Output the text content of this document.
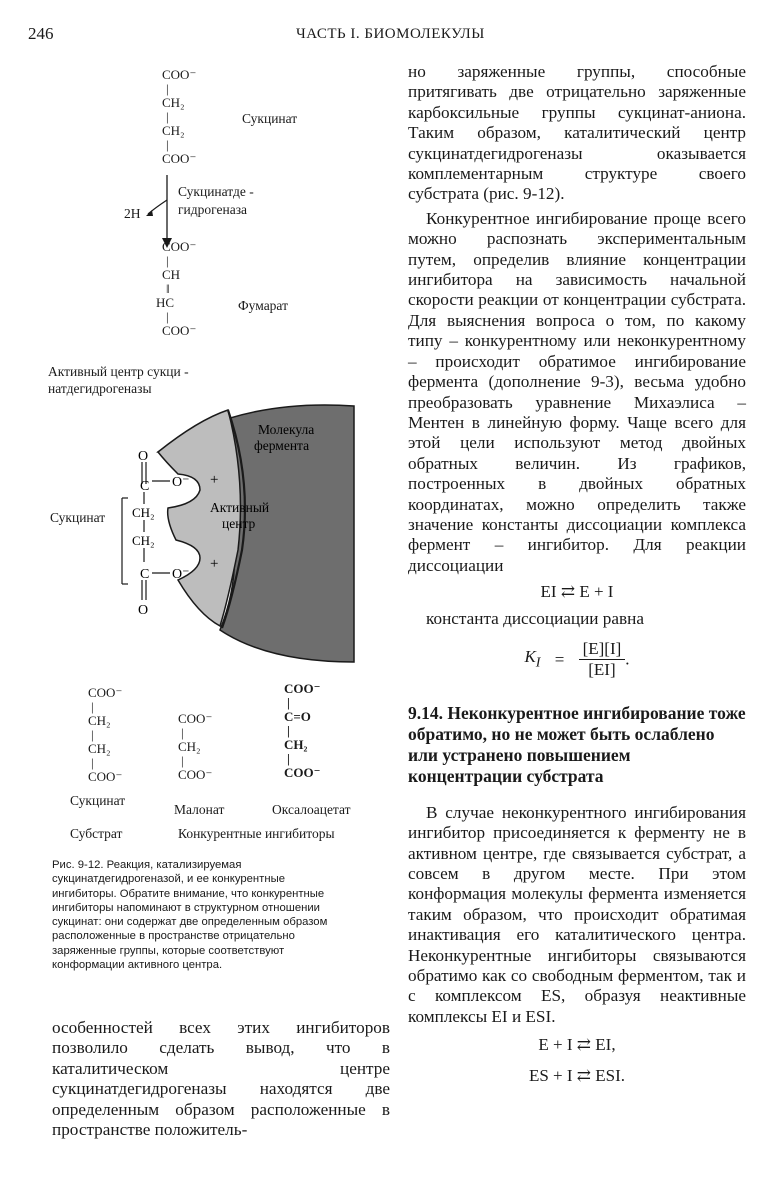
246	ЧАСТЬ I. БИОМОЛЕКУЛЫ
COO⁻
|
CH₂
|
CH₂
|
COO⁻
Сукцинат
Сукцинатде -
гидрогеназа
2H
COO⁻
|
CH
‖
HC
|
COO⁻
Фумарат
Активный центр сукци -
натдегидрогеназы
O
C O⁻
CH₂
CH₂
C O⁻
O
+
+
Активный
центр
Молекула
фермента
Сукцинат
COO⁻
|
CH₂
|
CH₂
|
COO⁻
Сукцинат
COO⁻
|
CH₂
|
COO⁻
Малонат
COO⁻
|
C=O
|
CH₂
|
COO⁻
Оксалоацетат
Субстрат	Конкурентные ингибиторы
Рис. 9-12. Реакция, катализируемая сукцинатдегидрогеназой, и ее конкурентные ингибиторы. Обратите внимание, что конкурентные ингибиторы напоминают в структурном отношении сукцинат: они содержат две определенным образом расположенные в пространстве отрицательно заряженные группы, которые соответствуют конформации активного центра.

особенностей всех этих ингибиторов позволило сделать вывод, что в каталитическом центре сукцинатдегидрогеназы находятся две определенным образом расположенные в пространстве положитель-

но заряженные группы, способные притягивать две отрицательно заряженные карбоксильные группы сукцинат-аниона. Таким образом, каталитический центр сукцинатдегидрогеназы оказывается комплементарным структуре своего субстрата (рис. 9-12).

Конкурентное ингибирование проще всего можно распознать экспериментальным путем, определив влияние концентрации ингибитора на зависимость начальной скорости реакции от концентрации субстрата. Для выяснения вопроса о том, по какому типу – конкурентному или неконкурентному – происходит обратимое ингибирование фермента (дополнение 9-3), весьма удобно преобразовать уравнение Михаэлиса – Ментен в линейную форму. Чаще всего для этой цели используют метод двойных обратных величин. Из графиков, построенных в двойных обратных координатах, можно определить также значение константы диссоциации комплекса фермент – ингибитор. Для реакции диссоциации

EI ⇄ E + I

константа диссоциации равна

$K_I = \frac{[E][I]}{[EI]}$ .
9.14. Неконкурентное ингибирование тоже обратимо, но не может быть ослаблено или устранено повышением концентрации субстрата

В случае неконкурентного ингибирования ингибитор присоединяется к ферменту не в активном центре, где связывается субстрат, а совсем в другом месте. При этом конформация молекулы фермента изменяется таким образом, что происходит обратимая инактивация его каталитического центра. Неконкурентные ингибиторы связываются обратимо как со свободным ферментом, так и с комплексом ES, образуя неактивные комплексы EI и ESI.

E + I ⇄ EI,
ES + I ⇄ ESI.
